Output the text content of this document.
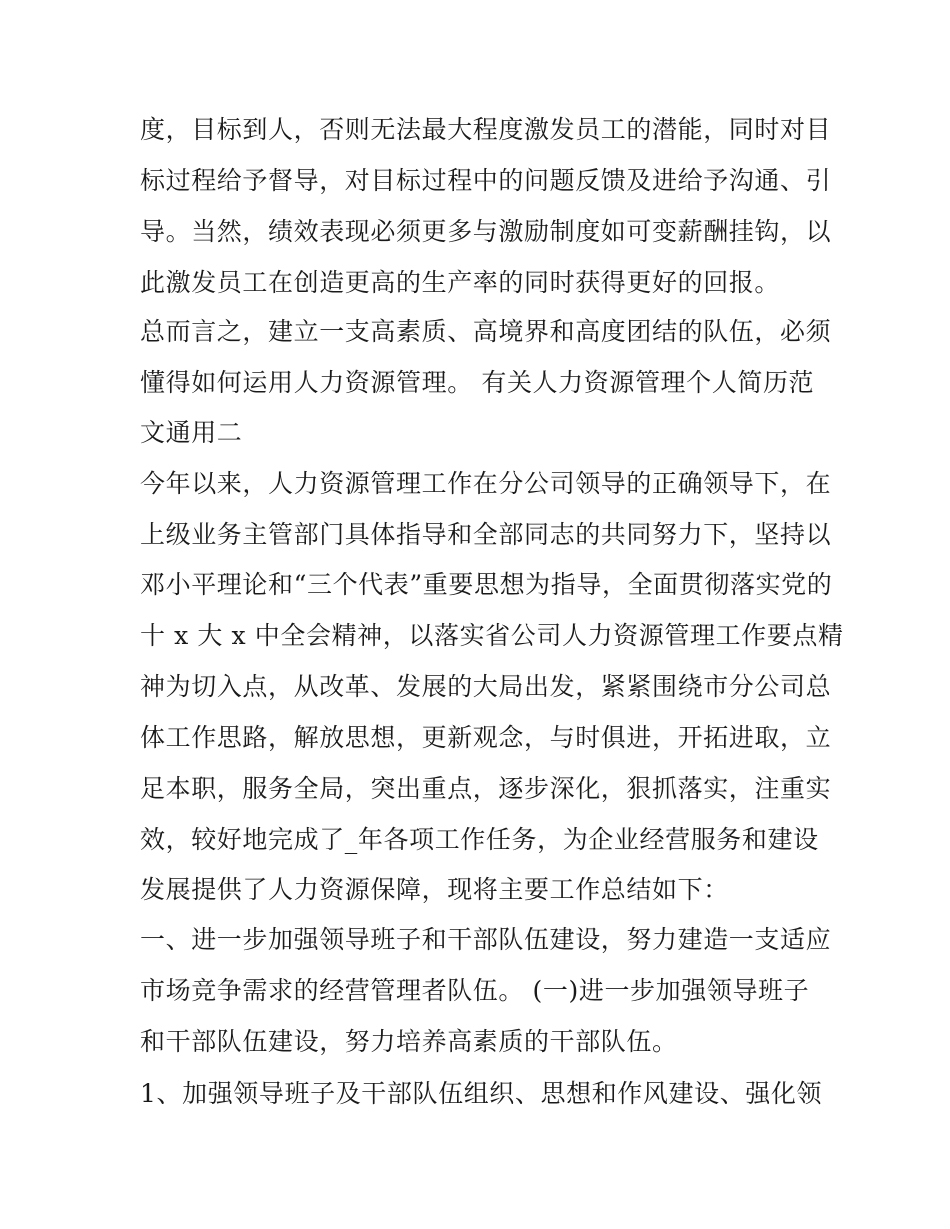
度，目标到人，否则无法最大程度激发员工的潜能，同时对目
标过程给予督导，对目标过程中的问题反馈及进给予沟通、引
导。当然，绩效表现必须更多与激励制度如可变薪酬挂钩，以
此激发员工在创造更高的生产率的同时获得更好的回报。
总而言之，建立一支高素质、高境界和高度团结的队伍，必须
懂得如何运用人力资源管理。 有关人力资源管理个人简历范
文通用二
今年以来，人力资源管理工作在分公司领导的正确领导下，在
上级业务主管部门具体指导和全部同志的共同努力下，坚持以
邓小平理论和“三个代表”重要思想为指导，全面贯彻落实党的
十 x 大 x 中全会精神，以落实省公司人力资源管理工作要点精
神为切入点，从改革、发展的大局出发，紧紧围绕市分公司总
体工作思路，解放思想，更新观念，与时俱进，开拓进取，立
足本职，服务全局，突出重点，逐步深化，狠抓落实，注重实
效，较好地完成了_年各项工作任务，为企业经营服务和建设
发展提供了人力资源保障，现将主要工作总结如下：
一、进一步加强领导班子和干部队伍建设，努力建造一支适应
市场竞争需求的经营管理者队伍。 (一)进一步加强领导班子
和干部队伍建设，努力培养高素质的干部队伍。
1、加强领导班子及干部队伍组织、思想和作风建设、强化领
